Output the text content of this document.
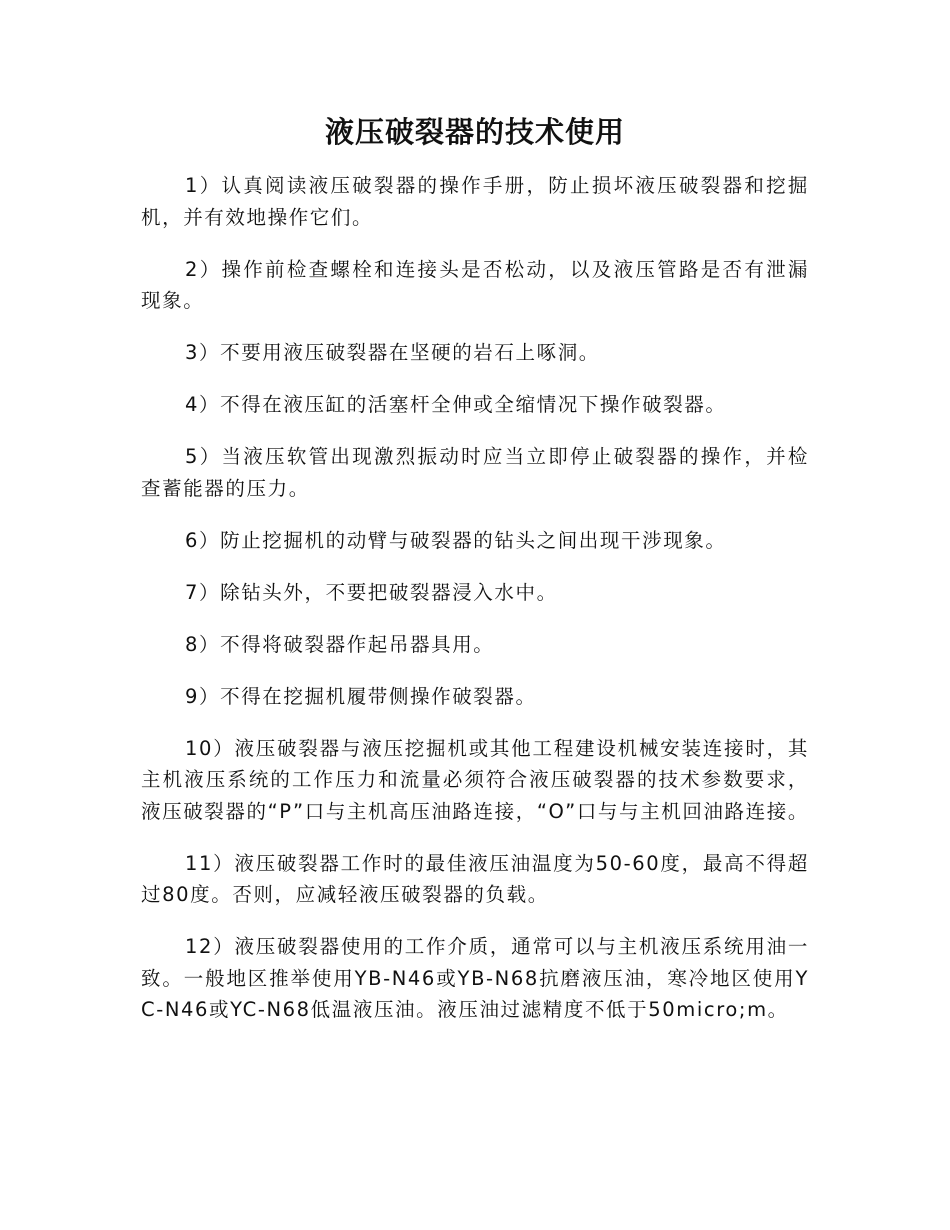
液压破裂器的技术使用

1）认真阅读液压破裂器的操作手册，防止损坏液压破裂器和挖掘机，并有效地操作它们。

2）操作前检查螺栓和连接头是否松动，以及液压管路是否有泄漏现象。

3）不要用液压破裂器在坚硬的岩石上啄洞。

4）不得在液压缸的活塞杆全伸或全缩情况下操作破裂器。

5）当液压软管出现激烈振动时应当立即停止破裂器的操作，并检查蓄能器的压力。

6）防止挖掘机的动臂与破裂器的钻头之间出现干涉现象。

7）除钻头外，不要把破裂器浸入水中。

8）不得将破裂器作起吊器具用。

9）不得在挖掘机履带侧操作破裂器。

10）液压破裂器与液压挖掘机或其他工程建设机械安装连接时，其主机液压系统的工作压力和流量必须符合液压破裂器的技术参数要求，液压破裂器的“P”口与主机高压油路连接，“O”口与与主机回油路连接。

11）液压破裂器工作时的最佳液压油温度为50-60度，最高不得超过80度。否则，应减轻液压破裂器的负载。

12）液压破裂器使用的工作介质，通常可以与主机液压系统用油一致。一般地区推举使用YB-N46或YB-N68抗磨液压油，寒冷地区使用YC-N46或YC-N68低温液压油。液压油过滤精度不低于50micro;m。
